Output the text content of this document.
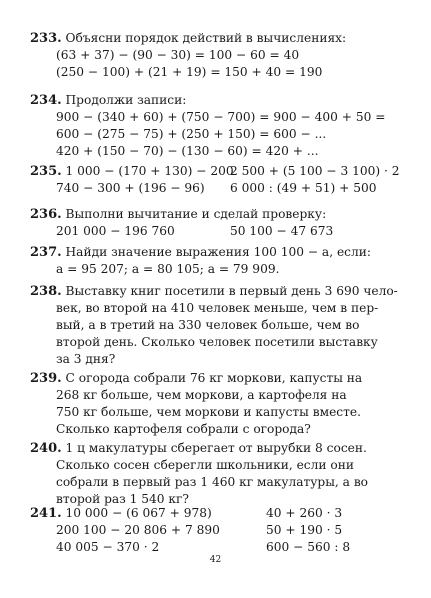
233. Объясни порядок действий в вычислениях:
(63 + 37) − (90 − 30) = 100 − 60 = 40
(250 − 100) + (21 + 19) = 150 + 40 = 190
234. Продолжи записи:
900 − (340 + 60) + (750 − 700) = 900 − 400 + 50 =
600 − (275 − 75) + (250 + 150) = 600 − ...
420 + (150 − 70) − (130 − 60) = 420 + ...
235. 1 000 − (170 + 130) − 200
740 − 300 + (196 − 96)
2 500 + (5 100 − 3 100) · 2
6 000 : (49 + 51) + 500
236. Выполни вычитание и сделай проверку:
201 000 − 196 760	50 100 − 47 673
237. Найди значение выражения 100 100 − a, если:
a = 95 207; a = 80 105; a = 79 909.
238. Выставку книг посетили в первый день 3 690 чело-
век, во второй на 410 человек меньше, чем в пер-
вый, а в третий на 330 человек больше, чем во
второй день. Сколько человек посетили выставку
за 3 дня?
239. С огорода собрали 76 кг моркови, капусты на
268 кг больше, чем моркови, а картофеля на
750 кг больше, чем моркови и капусты вместе.
Сколько картофеля собрали с огорода?
240. 1 ц макулатуры сберегает от вырубки 8 сосен.
Сколько сосен сберегли школьники, если они
собрали в первый раз 1 460 кг макулатуры, а во
второй раз 1 540 кг?
241. 10 000 − (6 067 + 978)
200 100 − 20 806 + 7 890
40 005 − 370 · 2
40 + 260 · 3
50 + 190 · 5
600 − 560 : 8
42
